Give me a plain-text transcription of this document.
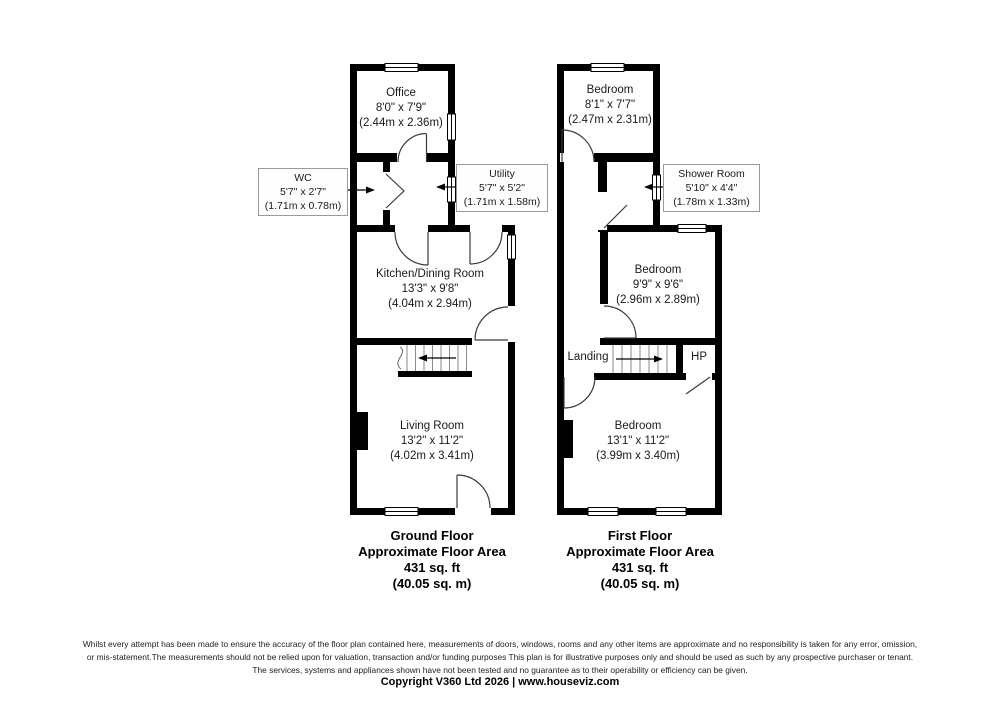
Office
8'0" x 7'9"
(2.44m x 2.36m)
Kitchen/Dining Room
13'3" x 9'8"
(4.04m x 2.94m)
Living Room
13'2" x 11'2"
(4.02m x 3.41m)
WC
5'7" x 2'7"
(1.71m x 0.78m)
Utility
5'7" x 5'2"
(1.71m x 1.58m)
Ground Floor
Approximate Floor Area
431 sq. ft
(40.05 sq. m)
Bedroom
8'1" x 7'7"
(2.47m x 2.31m)
Bedroom
9'9" x 9'6"
(2.96m x 2.89m)
Bedroom
13'1" x 11'2"
(3.99m x 3.40m)
Shower Room
5'10" x 4'4"
(1.78m x 1.33m)
Landing	HP
First Floor
Approximate Floor Area
431 sq. ft
(40.05 sq. m)
Whilst every attempt has been made to ensure the accuracy of the floor plan contained here, measurements of doors, windows, rooms and any other items are approximate and no responsibility is taken for any error, omission,
or mis-statement.The measurements should not be relied upon for valuation, transaction and/or funding purposes This plan is for illustrative purposes only and should be used as such by any prospective purchaser or tenant.
The services, systems and appliances shown have not been tested and no guarantee as to their operability or efficiency can be given.
Copyright V360 Ltd 2026 | www.houseviz.com
